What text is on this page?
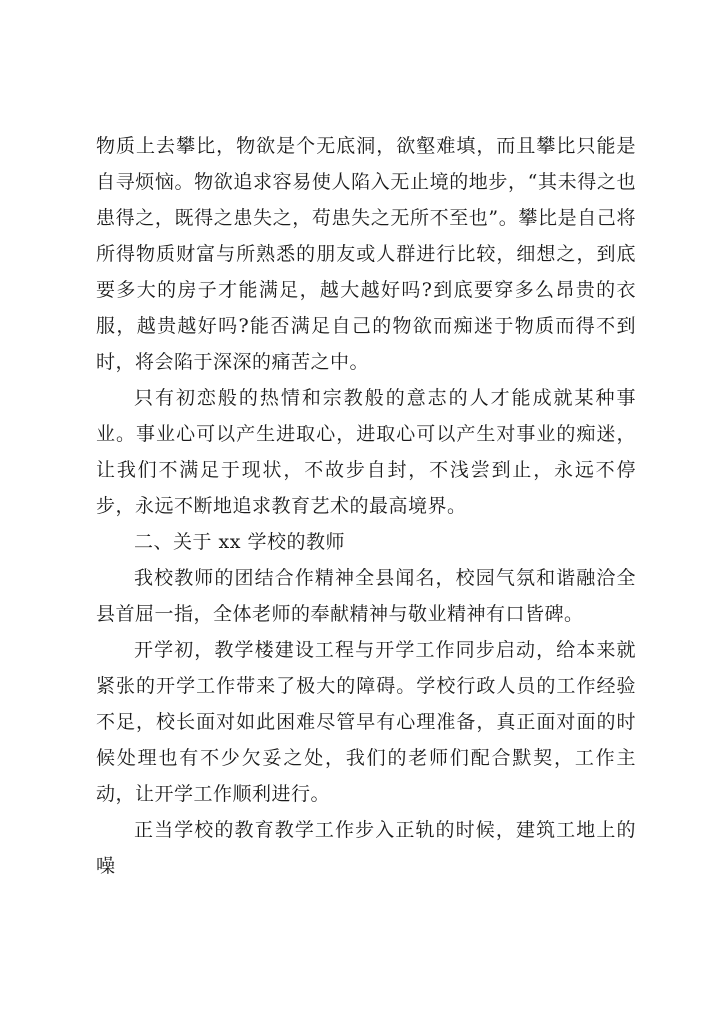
物质上去攀比，物欲是个无底洞，欲壑难填，而且攀比只能是自寻烦恼。物欲追求容易使人陷入无止境的地步，“其未得之也患得之，既得之患失之，苟患失之无所不至也”。攀比是自己将所得物质财富与所熟悉的朋友或人群进行比较，细想之，到底要多大的房子才能满足，越大越好吗?到底要穿多么昂贵的衣服，越贵越好吗?能否满足自己的物欲而痴迷于物质而得不到时，将会陷于深深的痛苦之中。

只有初恋般的热情和宗教般的意志的人才能成就某种事业。事业心可以产生进取心，进取心可以产生对事业的痴迷，让我们不满足于现状，不故步自封，不浅尝到止，永远不停步，永远不断地追求教育艺术的最高境界。

二、关于 xx 学校的教师

我校教师的团结合作精神全县闻名，校园气氛和谐融洽全县首屈一指，全体老师的奉献精神与敬业精神有口皆碑。

开学初，教学楼建设工程与开学工作同步启动，给本来就紧张的开学工作带来了极大的障碍。学校行政人员的工作经验不足，校长面对如此困难尽管早有心理准备，真正面对面的时候处理也有不少欠妥之处，我们的老师们配合默契，工作主动，让开学工作顺利进行。

正当学校的教育教学工作步入正轨的时候，建筑工地上的噪
